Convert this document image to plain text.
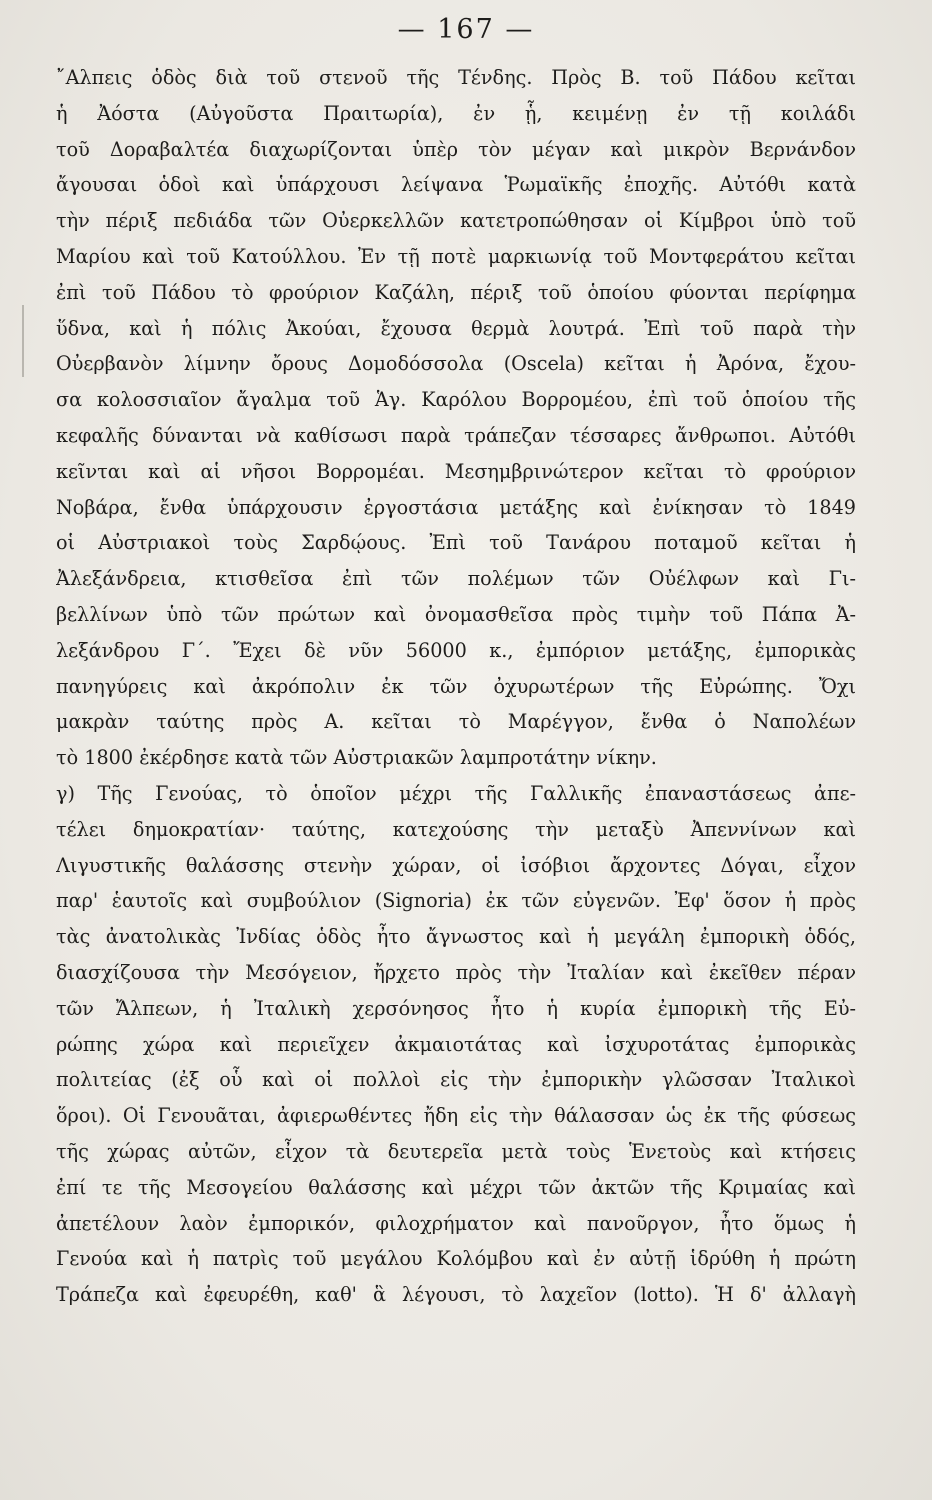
— 167 —
῎Αλπεις ὁδὸς διὰ τοῦ στενοῦ τῆς Τένδης. Πρὸς Β. τοῦ Πάδου κεῖται
ἡ Ἀόστα (Αὐγοῦστα Πραιτωρία), ἐν ᾗ, κειμένῃ ἐν τῇ κοιλάδι
τοῦ Δοραβαλτέα διαχωρίζονται ὑπὲρ τὸν μέγαν καὶ μικρὸν Βερνάνδον
ἄγουσαι ὁδοὶ καὶ ὑπάρχουσι λείψανα Ῥωμαϊκῆς ἐποχῆς. Αὐτόθι κατὰ
τὴν πέριξ πεδιάδα τῶν Οὐερκελλῶν κατετροπώθησαν οἱ Κίμβροι ὑπὸ τοῦ
Μαρίου καὶ τοῦ Κατούλλου. Ἐν τῇ ποτὲ μαρκιωνίᾳ τοῦ Μοντφεράτου κεῖται
ἐπὶ τοῦ Πάδου τὸ φρούριον Καζάλη, πέριξ τοῦ ὁποίου φύονται περίφημα
ὕδνα, καὶ ἡ πόλις Ἀκούαι, ἔχουσα θερμὰ λουτρά. Ἐπὶ τοῦ παρὰ τὴν
Οὐερβανὸν λίμνην ὄρους Δομοδόσσολα (Oscela) κεῖται ἡ Ἀρόνα, ἔχου-
σα κολοσσιαῖον ἄγαλμα τοῦ Ἁγ. Καρόλου Βορρομέου, ἐπὶ τοῦ ὁποίου τῆς
κεφαλῆς δύνανται νὰ καθίσωσι παρὰ τράπεζαν τέσσαρες ἄνθρωποι. Αὐτόθι
κεῖνται καὶ αἱ νῆσοι Βορρομέαι. Μεσημβρινώτερον κεῖται τὸ φρούριον
Νοβάρα, ἔνθα ὑπάρχουσιν ἐργοστάσια μετάξης καὶ ἐνίκησαν τὸ 1849
οἱ Αὐστριακοὶ τοὺς Σαρδῴους. Ἐπὶ τοῦ Τανάρου ποταμοῦ κεῖται ἡ
Ἀλεξάνδρεια, κτισθεῖσα ἐπὶ τῶν πολέμων τῶν Οὐέλφων καὶ Γι-
βελλίνων ὑπὸ τῶν πρώτων καὶ ὀνομασθεῖσα πρὸς τιμὴν τοῦ Πάπα Ἀ-
λεξάνδρου Γ΄. Ἔχει δὲ νῦν 56000 κ., ἐμπόριον μετάξης, ἐμπορικὰς
πανηγύρεις καὶ ἀκρόπολιν ἐκ τῶν ὀχυρωτέρων τῆς Εὐρώπης. Ὄχι
μακρὰν ταύτης πρὸς Α. κεῖται τὸ Μαρέγγον, ἔνθα ὁ Ναπολέων
τὸ 1800 ἐκέρδησε κατὰ τῶν Αὐστριακῶν λαμπροτάτην νίκην.
γ) Τῆς Γενούας, τὸ ὁποῖον μέχρι τῆς Γαλλικῆς ἐπαναστάσεως ἀπε-
τέλει δημοκρατίαν· ταύτης, κατεχούσης τὴν μεταξὺ Ἀπεννίνων καὶ
Λιγυστικῆς θαλάσσης στενὴν χώραν, οἱ ἰσόβιοι ἄρχοντες Δόγαι, εἶχον
παρ' ἑαυτοῖς καὶ συμβούλιον (Signoria) ἐκ τῶν εὐγενῶν. Ἐφ' ὅσον ἡ πρὸς
τὰς ἀνατολικὰς Ἰνδίας ὁδὸς ἦτο ἄγνωστος καὶ ἡ μεγάλη ἐμπορικὴ ὁδός,
διασχίζουσα τὴν Μεσόγειον, ἤρχετο πρὸς τὴν Ἰταλίαν καὶ ἐκεῖθεν πέραν
τῶν Ἄλπεων, ἡ Ἰταλικὴ χερσόνησος ἦτο ἡ κυρία ἐμπορικὴ τῆς Εὐ-
ρώπης χώρα καὶ περιεῖχεν ἀκμαιοτάτας καὶ ἰσχυροτάτας ἐμπορικὰς
πολιτείας (ἐξ οὗ καὶ οἱ πολλοὶ εἰς τὴν ἐμπορικὴν γλῶσσαν Ἰταλικοὶ
ὅροι). Οἱ Γενουᾶται, ἀφιερωθέντες ἤδη εἰς τὴν θάλασσαν ὡς ἐκ τῆς φύσεως
τῆς χώρας αὐτῶν, εἶχον τὰ δευτερεῖα μετὰ τοὺς Ἑνετοὺς καὶ κτήσεις
ἐπί τε τῆς Μεσογείου θαλάσσης καὶ μέχρι τῶν ἀκτῶν τῆς Κριμαίας καὶ
ἀπετέλουν λαὸν ἐμπορικόν, φιλοχρήματον καὶ πανοῦργον, ἦτο ὅμως ἡ
Γενούα καὶ ἡ πατρὶς τοῦ μεγάλου Κολόμβου καὶ ἐν αὐτῇ ἱδρύθη ἡ πρώτη
Τράπεζα καὶ ἐφευρέθη, καθ' ἃ λέγουσι, τὸ λαχεῖον (lotto). Ἡ δ' ἀλλαγὴ
